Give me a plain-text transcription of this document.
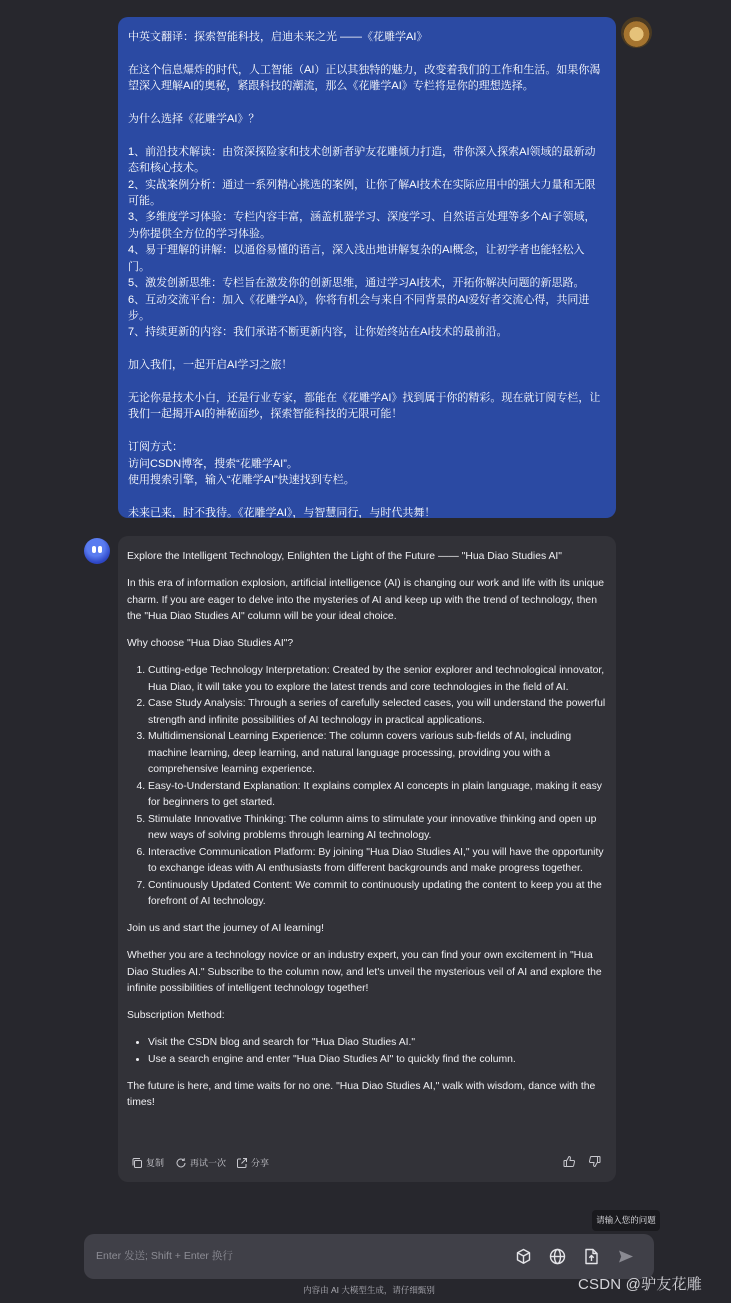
中英文翻译：探索智能科技，启迪未来之光 ——《花雕学AI》

在这个信息爆炸的时代，人工智能（AI）正以其独特的魅力，改变着我们的工作和生活。如果你渴望深入理解AI的奥秘，紧跟科技的潮流，那么《花雕学AI》专栏将是你的理想选择。

为什么选择《花雕学AI》？

1、前沿技术解读：由资深探险家和技术创新者驴友花雕倾力打造，带你深入探索AI领域的最新动态和核心技术。
2、实战案例分析：通过一系列精心挑选的案例，让你了解AI技术在实际应用中的强大力量和无限可能。
3、多维度学习体验：专栏内容丰富，涵盖机器学习、深度学习、自然语言处理等多个AI子领域，为你提供全方位的学习体验。
4、易于理解的讲解：以通俗易懂的语言，深入浅出地讲解复杂的AI概念，让初学者也能轻松入门。
5、激发创新思维：专栏旨在激发你的创新思维，通过学习AI技术，开拓你解决问题的新思路。
6、互动交流平台：加入《花雕学AI》，你将有机会与来自不同背景的AI爱好者交流心得，共同进步。
7、持续更新的内容：我们承诺不断更新内容，让你始终站在AI技术的最前沿。

加入我们，一起开启AI学习之旅！

无论你是技术小白，还是行业专家，都能在《花雕学AI》找到属于你的精彩。现在就订阅专栏，让我们一起揭开AI的神秘面纱，探索智能科技的无限可能！

订阅方式：
访问CSDN博客，搜索“花雕学AI”。
使用搜索引擎，输入“花雕学AI”快速找到专栏。

未来已来，时不我待。《花雕学AI》，与智慧同行，与时代共舞！

Explore the Intelligent Technology, Enlighten the Light of the Future —— "Hua Diao Studies AI"

In this era of information explosion, artificial intelligence (AI) is changing our work and life with its unique charm. If you are eager to delve into the mysteries of AI and keep up with the trend of technology, then the "Hua Diao Studies AI" column will be your ideal choice.

Why choose "Hua Diao Studies AI"?

1. Cutting-edge Technology Interpretation: Created by the senior explorer and technological innovator, Hua Diao, it will take you to explore the latest trends and core technologies in the field of AI.
2. Case Study Analysis: Through a series of carefully selected cases, you will understand the powerful strength and infinite possibilities of AI technology in practical applications.
3. Multidimensional Learning Experience: The column covers various sub-fields of AI, including machine learning, deep learning, and natural language processing, providing you with a comprehensive learning experience.
4. Easy-to-Understand Explanation: It explains complex AI concepts in plain language, making it easy for beginners to get started.
5. Stimulate Innovative Thinking: The column aims to stimulate your innovative thinking and open up new ways of solving problems through learning AI technology.
6. Interactive Communication Platform: By joining "Hua Diao Studies AI," you will have the opportunity to exchange ideas with AI enthusiasts from different backgrounds and make progress together.
7. Continuously Updated Content: We commit to continuously updating the content to keep you at the forefront of AI technology.

Join us and start the journey of AI learning!

Whether you are a technology novice or an industry expert, you can find your own excitement in "Hua Diao Studies AI." Subscribe to the column now, and let's unveil the mysterious veil of AI and explore the infinite possibilities of intelligent technology together!

Subscription Method:

• Visit the CSDN blog and search for "Hua Diao Studies AI."
• Use a search engine and enter "Hua Diao Studies AI" to quickly find the column.

The future is here, and time waits for no one. "Hua Diao Studies AI," walk with wisdom, dance with the times!

复制	再试一次	分享
请输入您的问题
Enter 发送; Shift + Enter 换行
内容由 AI 大模型生成，请仔细甄别	CSDN @驴友花雕
